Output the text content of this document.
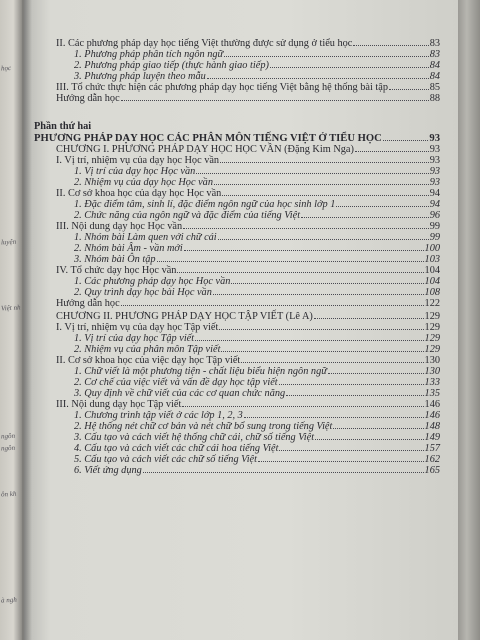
học
luyện
Việt nh
ngôn
ngôn
ôn kh
à ngh
II. Các phương pháp dạy học tiếng Việt thường được sử dụng ở tiểu học	83
1. Phương pháp phân tích ngôn ngữ	83
2. Phương pháp giao tiếp (thực hành giao tiếp)	84
3. Phương pháp luyện theo mẫu	84
III. Tổ chức thực hiện các phương pháp dạy học tiếng Việt bằng hệ thống bài tập	85
Hướng dẫn học	88
Phần thứ hai
PHƯƠNG PHÁP DẠY HỌC CÁC PHÂN MÔN TIẾNG VIỆT Ở TIỂU HỌC	93
CHƯƠNG I. PHƯƠNG PHÁP DẠY HỌC HỌC VẦN (Đặng Kim Nga)	93
I. Vị trí, nhiệm vụ của dạy học Học vần	93
1. Vị trí của dạy học Học vần	93
2. Nhiệm vụ của dạy học Học vần	93
II. Cơ sở khoa học của dạy học Học vần	94
1. Đặc điểm tâm, sinh lí, đặc điểm ngôn ngữ của học sinh lớp 1	94
2. Chức năng của ngôn ngữ và đặc điểm của tiếng Việt	96
III. Nội dung dạy học Học vần	99
1. Nhóm bài Làm quen với chữ cái	99
2. Nhóm bài Âm - vần mới	100
3. Nhóm bài Ôn tập	103
IV. Tổ chức dạy học Học vần	104
1. Các phương pháp dạy học Học vần	104
2. Quy trình dạy học bài Học vần	108
Hướng dẫn học	122
CHƯƠNG II. PHƯƠNG PHÁP DẠY HỌC TẬP VIẾT (Lê A)	129
I. Vị trí, nhiệm vụ của dạy học Tập viết	129
1. Vị trí của dạy học Tập viết	129
2. Nhiệm vụ của phân môn Tập viết	129
II. Cơ sở khoa học của việc dạy học Tập viết	130
1. Chữ viết là một phương tiện - chất liệu biểu hiện ngôn ngữ	130
2. Cơ chế của việc viết và vấn đề dạy học tập viết	133
3. Quy định về chữ viết của các cơ quan chức năng	135
III. Nội dung dạy học Tập viết	146
1. Chương trình tập viết ở các lớp 1, 2, 3	146
2. Hệ thống nét chữ cơ bản và nét chữ bổ sung trong tiếng Việt	148
3. Cấu tạo và cách viết hệ thống chữ cái, chữ số tiếng Việt	149
4. Cấu tạo và cách viết các chữ cái hoa tiếng Việt	157
5. Cấu tạo và cách viết các chữ số tiếng Việt	162
6. Viết ứng dụng	165
